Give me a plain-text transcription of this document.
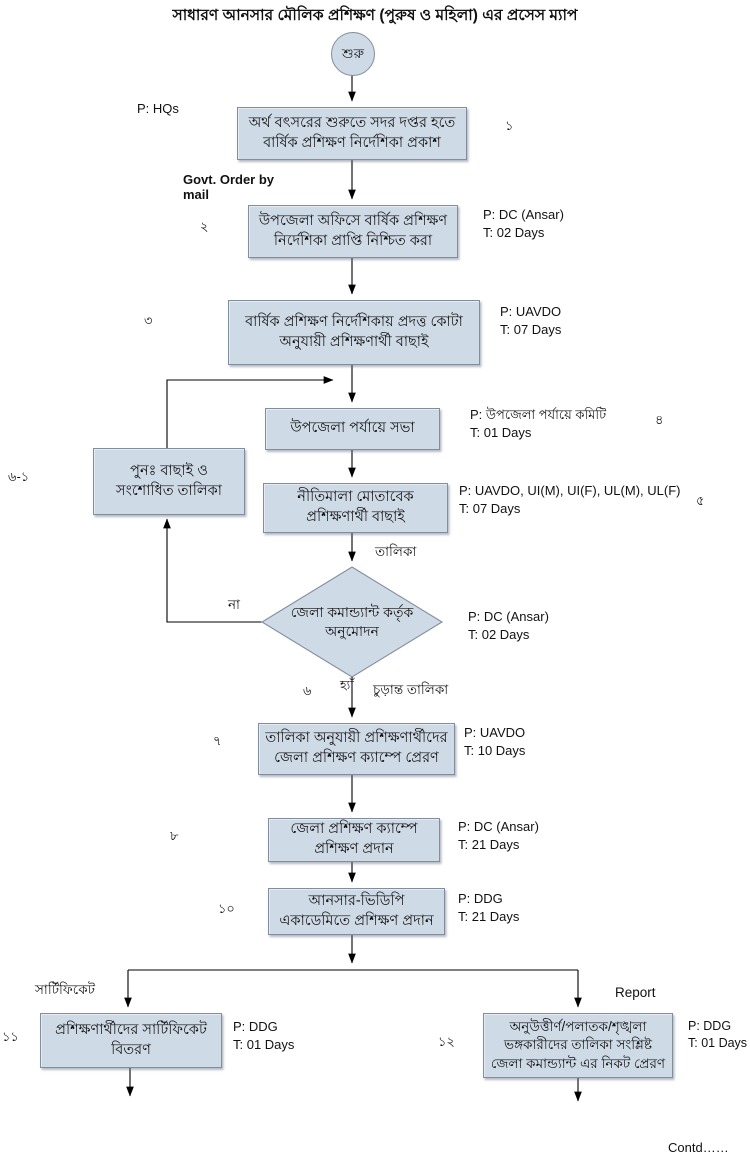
সাধারণ আনসার মৌলিক প্রশিক্ষণ (পুরুষ ও মহিলা) এর প্রসেস ম্যাপ
শুরু
অর্থ বৎসরের শুরুতে সদর দপ্তর হতে বার্ষিক প্রশিক্ষণ নির্দেশিকা প্রকাশ
উপজেলা অফিসে বার্ষিক প্রশিক্ষণ নির্দেশিকা প্রাপ্তি নিশ্চিত করা
বার্ষিক প্রশিক্ষণ নির্দেশিকায় প্রদত্ত কোটা অনুযায়ী প্রশিক্ষণার্থী বাছাই
উপজেলা পর্যায়ে সভা
পুনঃ বাছাই ও সংশোধিত তালিকা	নীতিমালা মোতাবেক প্রশিক্ষণার্থী বাছাই
জেলা কমান্ড্যান্ট কর্তৃক অনুমোদন
তালিকা অনুযায়ী প্রশিক্ষণার্থীদের জেলা প্রশিক্ষণ ক্যাম্পে প্রেরণ
জেলা প্রশিক্ষণ ক্যাম্পে প্রশিক্ষণ প্রদান
আনসার-ভিডিপি একাডেমিতে প্রশিক্ষণ প্রদান
প্রশিক্ষণার্থীদের সার্টিফিকেট বিতরণ
অনুউত্তীর্ণ/পলাতক/শৃঙ্খলা ভঙ্গকারীদের তালিকা সংশ্লিষ্ট জেলা কমান্ড্যান্ট এর নিকট প্রেরণ
১
২
৩
৪
৬-১
৫
৬
৭
৮
১০
১১	১২
P: HQs
P: DC (Ansar)
T: 02 Days
P: UAVDO
T: 07 Days
P: উপজেলা পর্যায়ে কমিটি
T: 01 Days
P: UAVDO, UI(M), UI(F), UL(M), UL(F)
T: 07 Days
P: DC (Ansar)
T: 02 Days
P: UAVDO
T: 10 Days
P: DC (Ansar)
T: 21 Days
P: DDG
T: 21 Days
P: DDG
T: 01 Days
P: DDG
T: 01 Days
Govt. Order by mail
তালিকা
না
হ্যাঁ চুড়ান্ত তালিকা
সার্টিফিকেট	Report
Contd……
